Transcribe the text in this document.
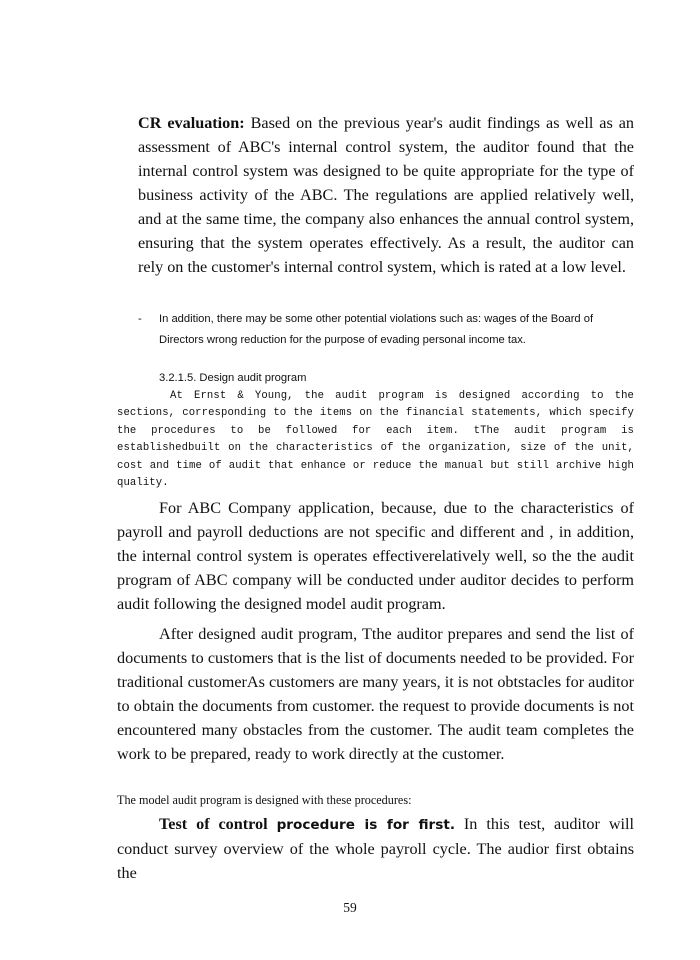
CR evaluation: Based on the previous year's audit findings as well as an assessment of ABC's internal control system, the auditor found that the internal control system was designed to be quite appropriate for the type of business activity of the ABC. The regulations are applied relatively well, and at the same time, the company also enhances the annual control system, ensuring that the system operates effectively. As a result, the auditor can rely on the customer's internal control system, which is rated at a low level.
- In addition, there may be some other potential violations such as: wages of the Board of Directors wrong reduction for the purpose of evading personal income tax.
3.2.1.5. Design audit program
At Ernst & Young, the audit program is designed according to the sections, corresponding to the items on the financial statements, which specify the procedures to be followed for each item. tThe audit program is establishedbuilt on the characteristics of the organization, size of the unit, cost and time of audit that enhance or reduce the manual but still archive high quality.
For ABC Company application, because, due to the characteristics of payroll and payroll deductions are not specific and different and , in addition, the internal control system is operates effectiverelatively well, so the the audit program of ABC company will be conducted under auditor decides to perform audit following the designed model audit program.
After designed audit program, Tthe auditor prepares and send the list of documents to customers that is the list of documents needed to be provided. For traditional customerAs customers are many years, it is not obtstacles for auditor to obtain the documents from customer. the request to provide documents is not encountered many obstacles from the customer. The audit team completes the work to be prepared, ready to work directly at the customer.
The model audit program is designed with these procedures:
Test of control procedure is for first. In this test, auditor will conduct survey overview of the whole payroll cycle. The audior first obtains the
59
